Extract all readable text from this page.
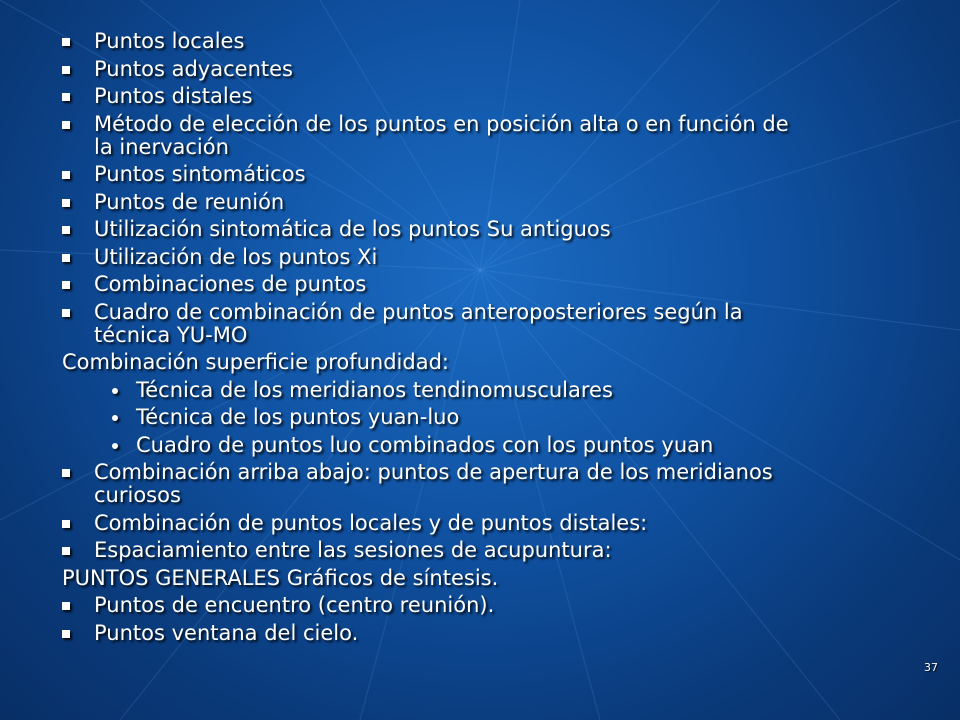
Puntos locales
Puntos adyacentes
Puntos distales
Método de elección de los puntos en posición alta o en función de
la inervación
Puntos sintomáticos
Puntos de reunión
Utilización sintomática de los puntos Su antiguos
Utilización de los puntos Xi
Combinaciones de puntos
Cuadro de combinación de puntos anteroposteriores según la
técnica YU-MO
Combinación superficie profundidad:
Técnica de los meridianos tendinomusculares
Técnica de los puntos yuan-luo
Cuadro de puntos luo combinados con los puntos yuan
Combinación arriba abajo: puntos de apertura de los meridianos
curiosos
Combinación de puntos locales y de puntos distales:
Espaciamiento entre las sesiones de acupuntura:
PUNTOS GENERALES Gráficos de síntesis.
Puntos de encuentro (centro reunión).
Puntos ventana del cielo.
37
